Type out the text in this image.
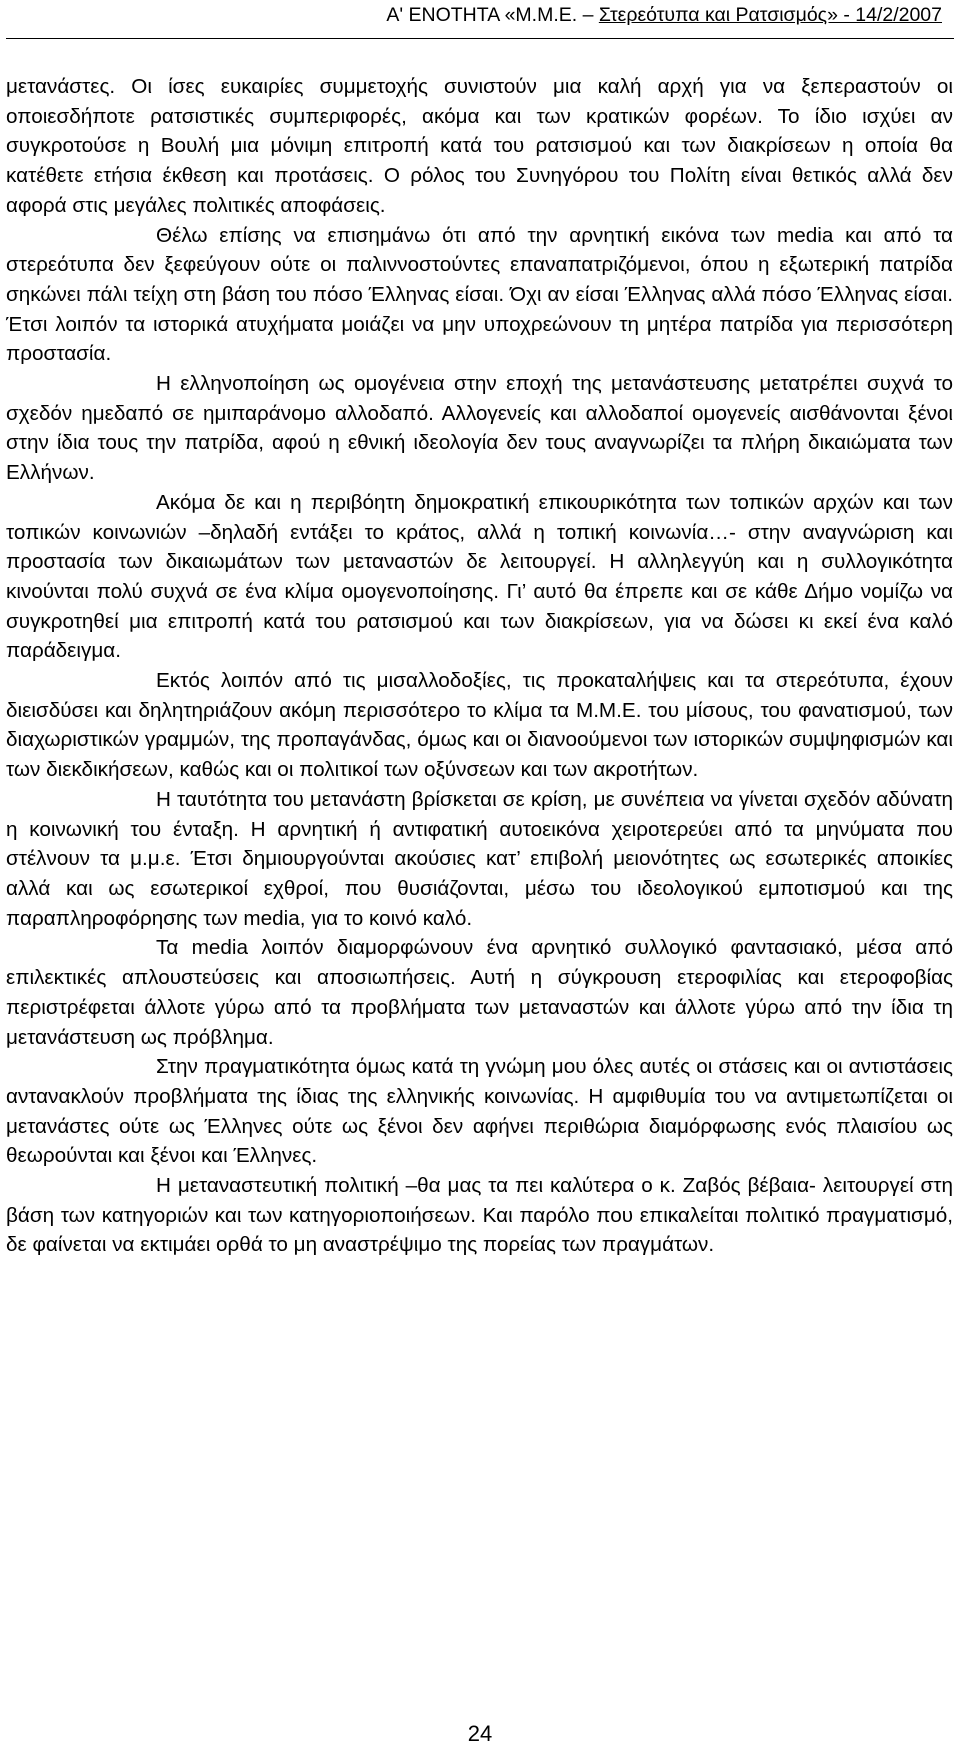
Α' ΕΝΟΤΗΤΑ «Μ.Μ.Ε. – Στερεότυπα και Ρατσισμός» - 14/2/2007

μετανάστες. Οι ίσες ευκαιρίες συμμετοχής συνιστούν μια καλή αρχή για να ξεπεραστούν οι οποιεσδήποτε ρατσιστικές συμπεριφορές, ακόμα και των κρατικών φορέων. Το ίδιο ισχύει αν συγκροτούσε η Βουλή μια μόνιμη επιτροπή κατά του ρατσισμού και των διακρίσεων η οποία θα κατέθετε ετήσια έκθεση και προτάσεις. Ο ρόλος του Συνηγόρου του Πολίτη είναι θετικός αλλά δεν αφορά στις μεγάλες πολιτικές αποφάσεις.

Θέλω επίσης να επισημάνω ότι από την αρνητική εικόνα των media και από τα στερεότυπα δεν ξεφεύγουν ούτε οι παλιννοστούντες επαναπατριζόμενοι, όπου η εξωτερική πατρίδα σηκώνει πάλι τείχη στη βάση του πόσο Έλληνας είσαι. Όχι αν είσαι Έλληνας αλλά πόσο Έλληνας είσαι. Έτσι λοιπόν τα ιστορικά ατυχήματα μοιάζει να μην υποχρεώνουν τη μητέρα πατρίδα για περισσότερη προστασία.

Η ελληνοποίηση ως ομογένεια στην εποχή της μετανάστευσης μετατρέπει συχνά το σχεδόν ημεδαπό σε ημιπαράνομο αλλοδαπό. Αλλογενείς και αλλοδαποί ομογενείς αισθάνονται ξένοι στην ίδια τους την πατρίδα, αφού η εθνική ιδεολογία δεν τους αναγνωρίζει τα πλήρη δικαιώματα των Ελλήνων.

Ακόμα δε και η περιβόητη δημοκρατική επικουρικότητα των τοπικών αρχών και των τοπικών κοινωνιών –δηλαδή εντάξει το κράτος, αλλά η τοπική κοινωνία…- στην αναγνώριση και προστασία των δικαιωμάτων των μεταναστών δε λειτουργεί. Η αλληλεγγύη και η συλλογικότητα κινούνται πολύ συχνά σε ένα κλίμα ομογενοποίησης. Γι’ αυτό θα έπρεπε και σε κάθε Δήμο νομίζω να συγκροτηθεί μια επιτροπή κατά του ρατσισμού και των διακρίσεων, για να δώσει κι εκεί ένα καλό παράδειγμα.

Εκτός λοιπόν από τις μισαλλοδοξίες, τις προκαταλήψεις και τα στερεότυπα, έχουν διεισδύσει και δηλητηριάζουν ακόμη περισσότερο το κλίμα τα Μ.Μ.Ε. του μίσους, του φανατισμού, των διαχωριστικών γραμμών, της προπαγάνδας, όμως και οι διανοούμενοι των ιστορικών συμψηφισμών και των διεκδικήσεων, καθώς και οι πολιτικοί των οξύνσεων και των ακροτήτων.

Η ταυτότητα του μετανάστη βρίσκεται σε κρίση, με συνέπεια να γίνεται σχεδόν αδύνατη η κοινωνική του ένταξη. Η αρνητική ή αντιφατική αυτοεικόνα χειροτερεύει από τα μηνύματα που στέλνουν τα μ.μ.ε. Έτσι δημιουργούνται ακούσιες κατ’ επιβολή μειονότητες ως εσωτερικές αποικίες αλλά και ως εσωτερικοί εχθροί, που θυσιάζονται, μέσω του ιδεολογικού εμποτισμού και της παραπληροφόρησης των media, για το κοινό καλό.

Τα media λοιπόν διαμορφώνουν ένα αρνητικό συλλογικό φαντασιακό, μέσα από επιλεκτικές απλουστεύσεις και αποσιωπήσεις. Αυτή η σύγκρουση ετεροφιλίας και ετεροφοβίας περιστρέφεται άλλοτε γύρω από τα προβλήματα των μεταναστών και άλλοτε γύρω από την ίδια τη μετανάστευση ως πρόβλημα.

Στην πραγματικότητα όμως κατά τη γνώμη μου όλες αυτές οι στάσεις και οι αντιστάσεις αντανακλούν προβλήματα της ίδιας της ελληνικής κοινωνίας. Η αμφιθυμία του να αντιμετωπίζεται οι μετανάστες ούτε ως Έλληνες ούτε ως ξένοι δεν αφήνει περιθώρια διαμόρφωσης ενός πλαισίου ως θεωρούνται και ξένοι και Έλληνες.

Η μεταναστευτική πολιτική –θα μας τα πει καλύτερα ο κ. Ζαβός βέβαια- λειτουργεί στη βάση των κατηγοριών και των κατηγοριοποιήσεων. Και παρόλο που επικαλείται πολιτικό πραγματισμό, δε φαίνεται να εκτιμάει ορθά το μη αναστρέψιμο της πορείας των πραγμάτων.

24
